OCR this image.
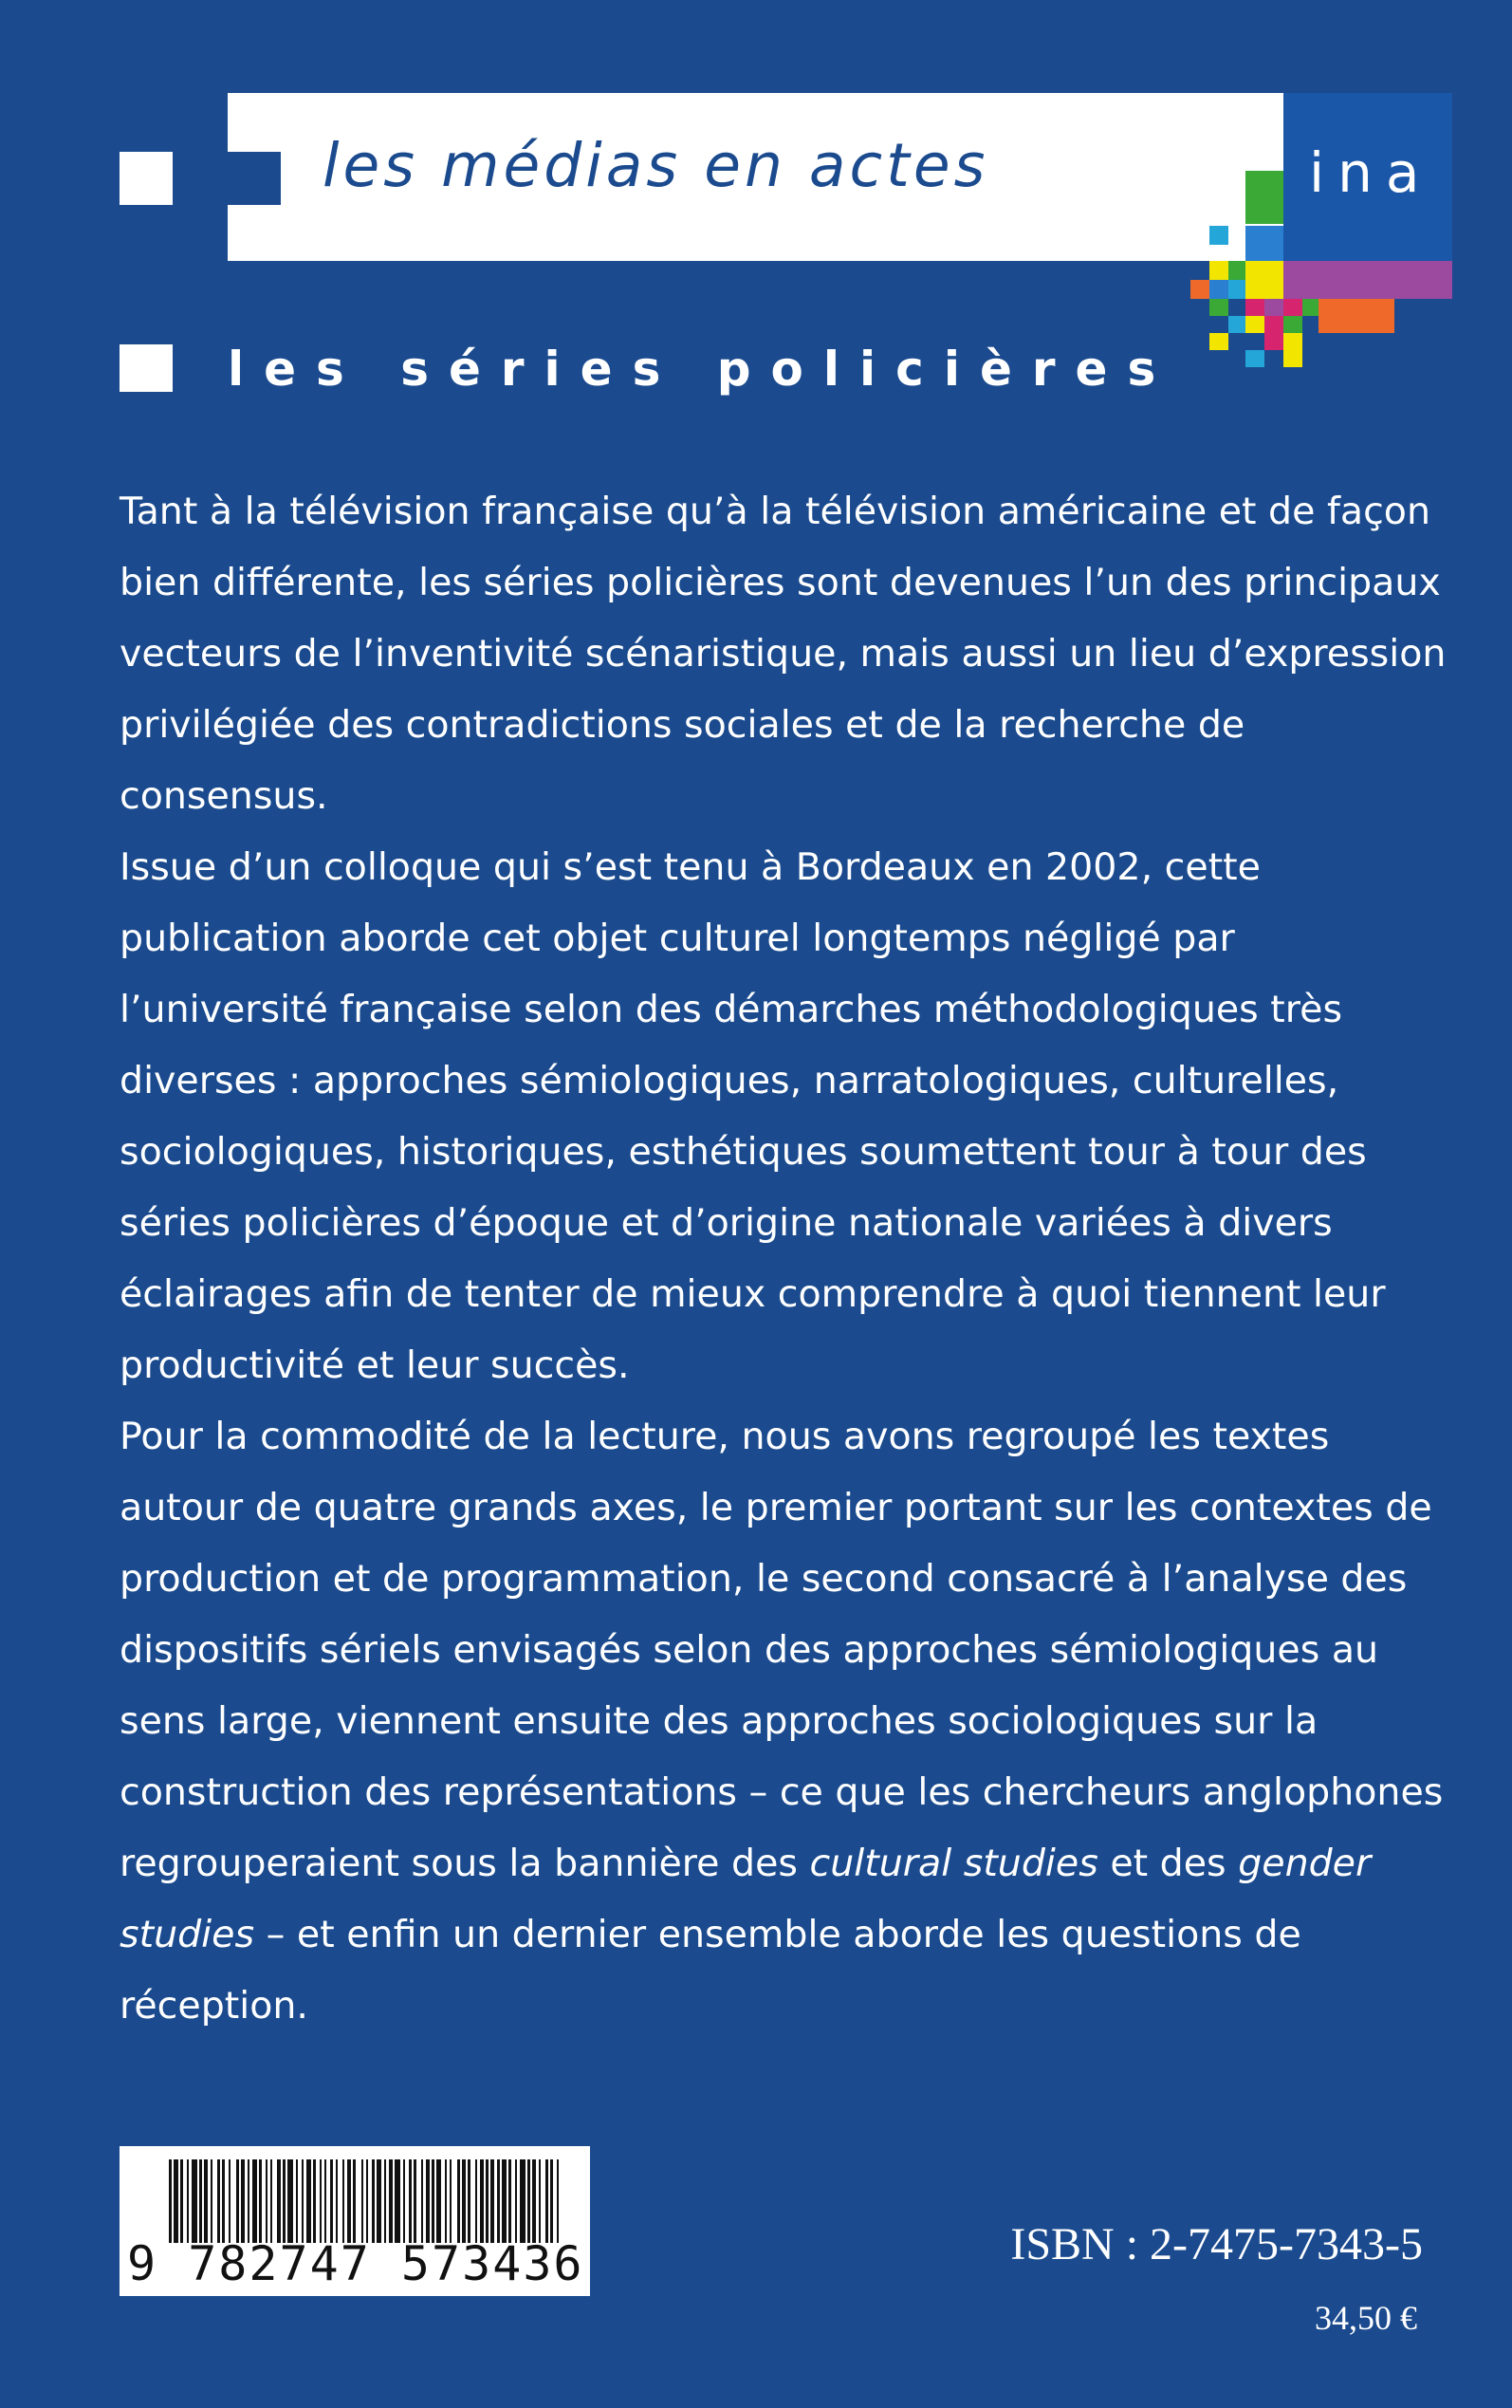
les médias en actes	ina
les séries policières

Tant à la télévision française qu’à la télévision américaine et de façon bien différente, les séries policières sont devenues l’un des principaux vecteurs de l’inventivité scénaristique, mais aussi un lieu d’expression privilégiée des contradictions sociales et de la recherche de consensus.

Issue d’un colloque qui s’est tenu à Bordeaux en 2002, cette publication aborde cet objet culturel longtemps négligé par l’université française selon des démarches méthodologiques très diverses : approches sémiologiques, narratologiques, culturelles, sociologiques, historiques, esthétiques soumettent tour à tour des séries policières d’époque et d’origine nationale variées à divers éclairages afin de tenter de mieux comprendre à quoi tiennent leur productivité et leur succès.

Pour la commodité de la lecture, nous avons regroupé les textes autour de quatre grands axes, le premier portant sur les contextes de production et de programmation, le second consacré à l’analyse des dispositifs sériels envisagés selon des approches sémiologiques au sens large, viennent ensuite des approches sociologiques sur la construction des représentations – ce que les chercheurs anglophones regrouperaient sous la bannière des cultural studies et des gender studies – et enfin un dernier ensemble aborde les questions de réception.

9 782747 573436	ISBN : 2-7475-7343-5
34,50 €
